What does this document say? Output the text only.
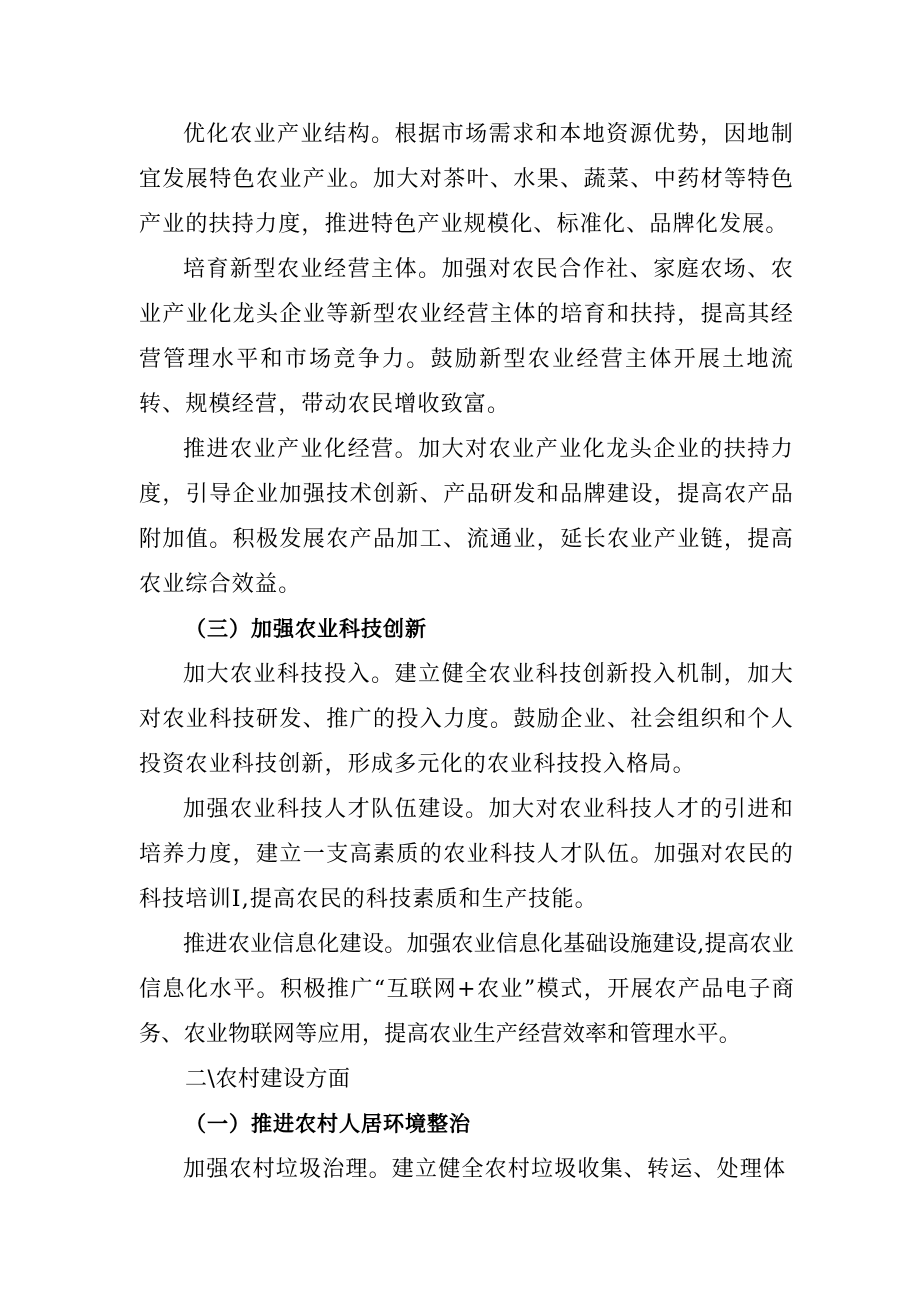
优化农业产业结构。根据市场需求和本地资源优势，因地制宜发展特色农业产业。加大对茶叶、水果、蔬菜、中药材等特色产业的扶持力度，推进特色产业规模化、标准化、品牌化发展。

培育新型农业经营主体。加强对农民合作社、家庭农场、农业产业化龙头企业等新型农业经营主体的培育和扶持，提高其经营管理水平和市场竞争力。鼓励新型农业经营主体开展土地流转、规模经营，带动农民增收致富。

推进农业产业化经营。加大对农业产业化龙头企业的扶持力度，引导企业加强技术创新、产品研发和品牌建设，提高农产品附加值。积极发展农产品加工、流通业，延长农业产业链，提高农业综合效益。

（三）加强农业科技创新

加大农业科技投入。建立健全农业科技创新投入机制，加大对农业科技研发、推广的投入力度。鼓励企业、社会组织和个人投资农业科技创新，形成多元化的农业科技投入格局。

加强农业科技人才队伍建设。加大对农业科技人才的引进和培养力度，建立一支高素质的农业科技人才队伍。加强对农民的科技培训I,提高农民的科技素质和生产技能。

推进农业信息化建设。加强农业信息化基础设施建设,提高农业信息化水平。积极推广“互联网+农业”模式，开展农产品电子商务、农业物联网等应用，提高农业生产经营效率和管理水平。

二\农村建设方面

（一）推进农村人居环境整治

加强农村垃圾治理。建立健全农村垃圾收集、转运、处理体
